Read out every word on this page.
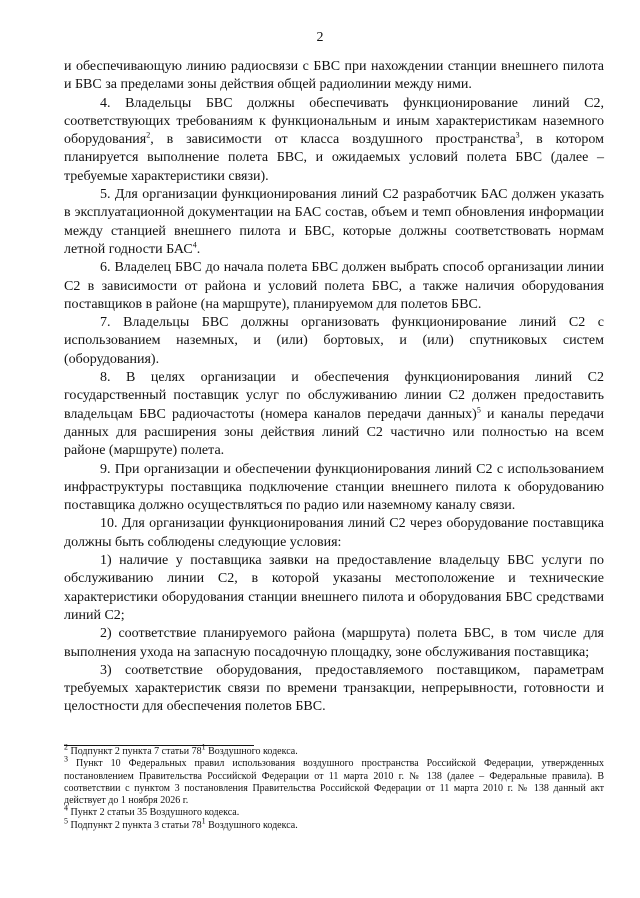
2

и обеспечивающую линию радиосвязи с БВС при нахождении станции внешнего пилота и БВС за пределами зоны действия общей радиолинии между ними.

4. Владельцы БВС должны обеспечивать функционирование линий С2, соответствующих требованиям к функциональным и иным характеристикам наземного оборудования$^2$, в зависимости от класса воздушного пространства$^3$, в котором планируется выполнение полета БВС, и ожидаемых условий полета БВС (далее – требуемые характеристики связи).

5. Для организации функционирования линий С2 разработчик БАС должен указать в эксплуатационной документации на БАС состав, объем и темп обновления информации между станцией внешнего пилота и БВС, которые должны соответствовать нормам летной годности БАС$^4$.

6. Владелец БВС до начала полета БВС должен выбрать способ организации линии С2 в зависимости от района и условий полета БВС, а также наличия оборудования поставщиков в районе (на маршруте), планируемом для полетов БВС.

7. Владельцы БВС должны организовать функционирование линий С2 с использованием наземных, и (или) бортовых, и (или) спутниковых систем (оборудования).

8. В целях организации и обеспечения функционирования линий С2 государственный поставщик услуг по обслуживанию линии С2 должен предоставить владельцам БВС радиочастоты (номера каналов передачи данных)$^5$ и каналы передачи данных для расширения зоны действия линий С2 частично или полностью на всем районе (маршруте) полета.

9. При организации и обеспечении функционирования линий С2 с использованием инфраструктуры поставщика подключение станции внешнего пилота к оборудованию поставщика должно осуществляться по радио или наземному каналу связи.

10. Для организации функционирования линий С2 через оборудование поставщика должны быть соблюдены следующие условия:

1) наличие у поставщика заявки на предоставление владельцу БВС услуги по обслуживанию линии С2, в которой указаны местоположение и технические характеристики оборудования станции внешнего пилота и оборудования БВС средствами линий С2;

2) соответствие планируемого района (маршрута) полета БВС, в том числе для выполнения ухода на запасную посадочную площадку, зоне обслуживания поставщика;

3) соответствие оборудования, предоставляемого поставщиком, параметрам требуемых характеристик связи по времени транзакции, непрерывности, готовности и целостности для обеспечения полетов БВС.

$^2$ Подпункт 2 пункта 7 статьи $78^1$ Воздушного кодекса.

$^3$ Пункт 10 Федеральных правил использования воздушного пространства Российской Федерации, утвержденных постановлением Правительства Российской Федерации от 11 марта 2010 г. № 138 (далее – Федеральные правила). В соответствии с пунктом 3 постановления Правительства Российской Федерации от 11 марта 2010 г. № 138 данный акт действует до 1 ноября 2026 г.

$^4$ Пункт 2 статьи 35 Воздушного кодекса.

$^5$ Подпункт 2 пункта 3 статьи $78^1$ Воздушного кодекса.
